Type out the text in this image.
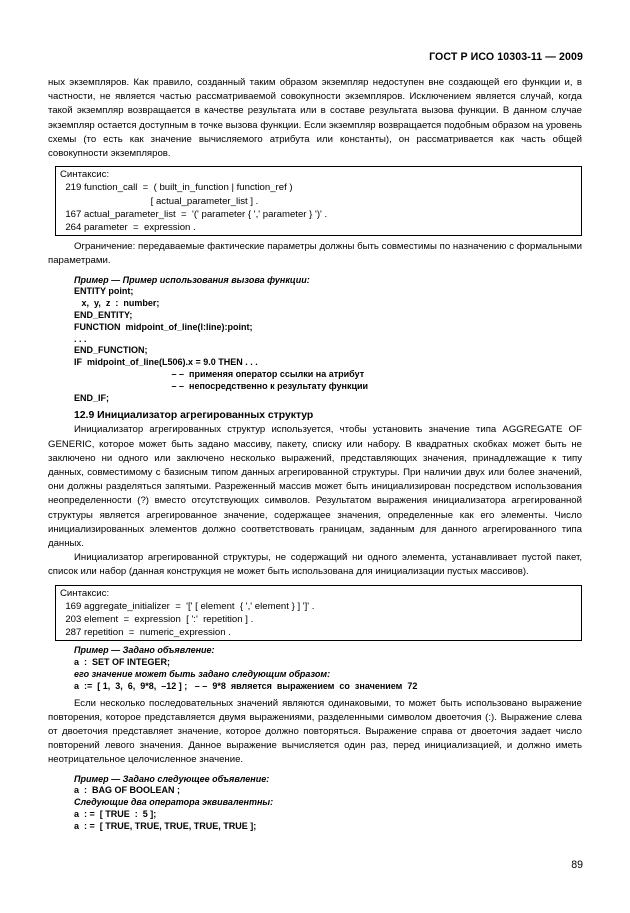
ГОСТ Р ИСО 10303-11 — 2009

ных экземпляров. Как правило, созданный таким образом экземпляр недоступен вне создающей его функции и, в частности, не является частью рассматриваемой совокупности экземпляров. Исключением является случай, когда такой экземпляр возвращается в качестве результата или в составе результата вызова функции. В данном случае экземпляр остается доступным в точке вызова функции. Если экземпляр возвращается подобным образом на уровень схемы (то есть как значение вычисляемого атрибута или константы), он рассматривается как часть общей совокупности экземпляров.

Синтаксис:
219 function_call  =  ( built_in_function | function_ref )
[ actual_parameter_list ] .
167 actual_parameter_list  =  '(' parameter { ',' parameter } ')' .
264 parameter  =  expression .

Ограничение: передаваемые фактические параметры должны быть совместимы по назначению с формальными параметрами.

Пример — Пример использования вызова функции:
ENTITY point;
x,  y,  z  :  number;
END_ENTITY;
FUNCTION  midpoint_of_line(l:line):point;
. . .
END_FUNCTION;
IF  midpoint_of_line(L506).x = 9.0 THEN . . .
– –  применяя оператор ссылки на атрибут
– –  непосредственно к результату функции
END_IF;
12.9 Инициализатор агрегированных структур

Инициализатор агрегированных структур используется, чтобы установить значение типа AGGREGATE OF GENERIC, которое может быть задано массиву, пакету, списку или набору. В квадратных скобках может быть не заключено ни одного или заключено несколько выражений, представляющих значения, принадлежащие к типу данных, совместимому с базисным типом данных агрегированной структуры. При наличии двух или более значений, они должны разделяться запятыми. Разреженный массив может быть инициализирован посредством использования неопределенности (?) вместо отсутствующих символов. Результатом выражения инициализатора агрегированной структуры является агрегированное значение, содержащее значения, определенные как его элементы. Число инициализированных элементов должно соответствовать границам, заданным для данного агрегированного типа данных.

Инициализатор агрегированной структуры, не содержащий ни одного элемента, устанавливает пустой пакет, список или набор (данная конструкция не может быть использована для инициализации пустых массивов).

Синтаксис:
169 aggregate_initializer  =  '[' [ element  { ',' element } ] ']' .
203 element  =  expression  [ ':'  repetition ] .
287 repetition  =  numeric_expression .
Пример — Задано объявление:
a  :  SET OF INTEGER;
его значение может быть задано следующим образом:
a  :=  [ 1,  3,  6,  9*8,  –12 ] ;   – –  9*8  является  выражением  со  значением  72

Если несколько последовательных значений являются одинаковыми, то может быть использовано выражение повторения, которое представляется двумя выражениями, разделенными символом двоеточия (:). Выражение слева от двоеточия представляет значение, которое должно повторяться. Выражение справа от двоеточия задает число повторений левого значения. Данное выражение вычисляется один раз, перед инициализацией, и должно иметь неотрицательное целочисленное значение.

Пример — Задано следующее объявление:
a  :  BAG OF BOOLEAN ;
Следующие два оператора эквивалентны:
a  : =  [ TRUE  :  5 ];
a  : =  [ TRUE, TRUE, TRUE, TRUE, TRUE ];
89
